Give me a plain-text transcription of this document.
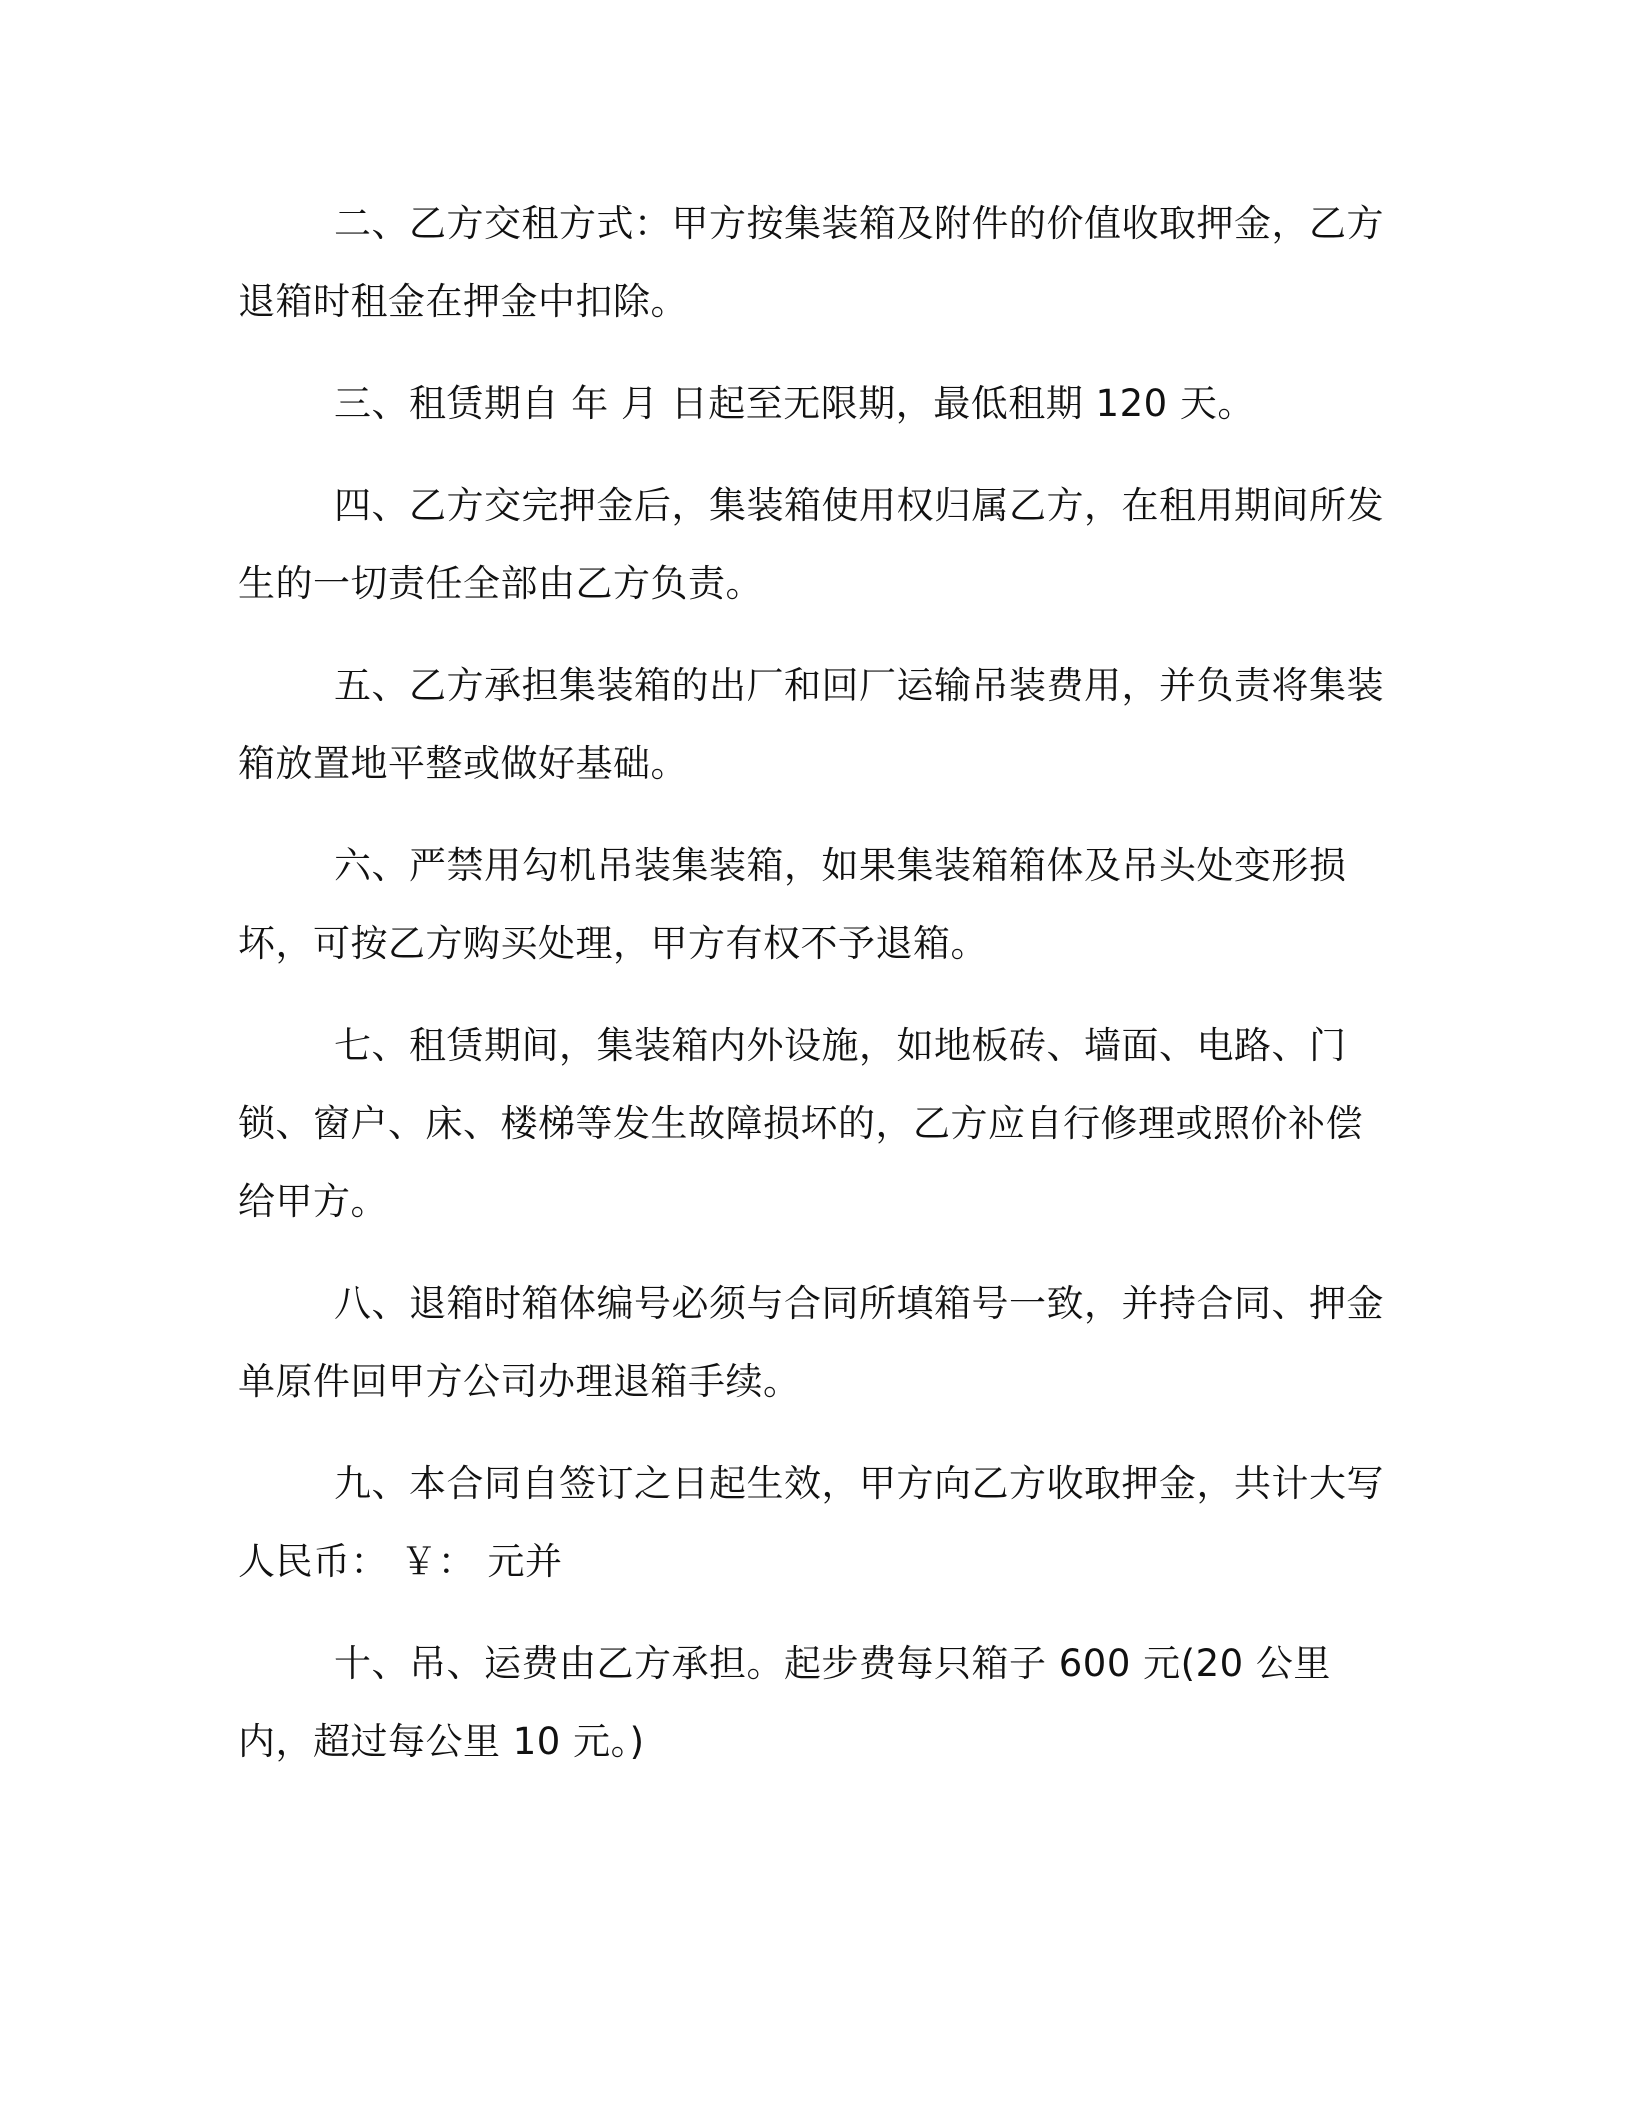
二、乙方交租方式：甲方按集装箱及附件的价值收取押金，乙方退箱时租金在押金中扣除。

三、租赁期自 年 月 日起至无限期，最低租期 120 天。

四、乙方交完押金后，集装箱使用权归属乙方，在租用期间所发生的一切责任全部由乙方负责。

五、乙方承担集装箱的出厂和回厂运输吊装费用，并负责将集装箱放置地平整或做好基础。

六、严禁用勾机吊装集装箱，如果集装箱箱体及吊头处变形损坏，可按乙方购买处理，甲方有权不予退箱。

七、租赁期间，集装箱内外设施，如地板砖、墙面、电路、门锁、窗户、床、楼梯等发生故障损坏的，乙方应自行修理或照价补偿给甲方。

八、退箱时箱体编号必须与合同所填箱号一致，并持合同、押金单原件回甲方公司办理退箱手续。

九、本合同自签订之日起生效，甲方向乙方收取押金，共计大写人民币： ￥： 元并

十、吊、运费由乙方承担。起步费每只箱子 600 元(20 公里内，超过每公里 10 元。)
